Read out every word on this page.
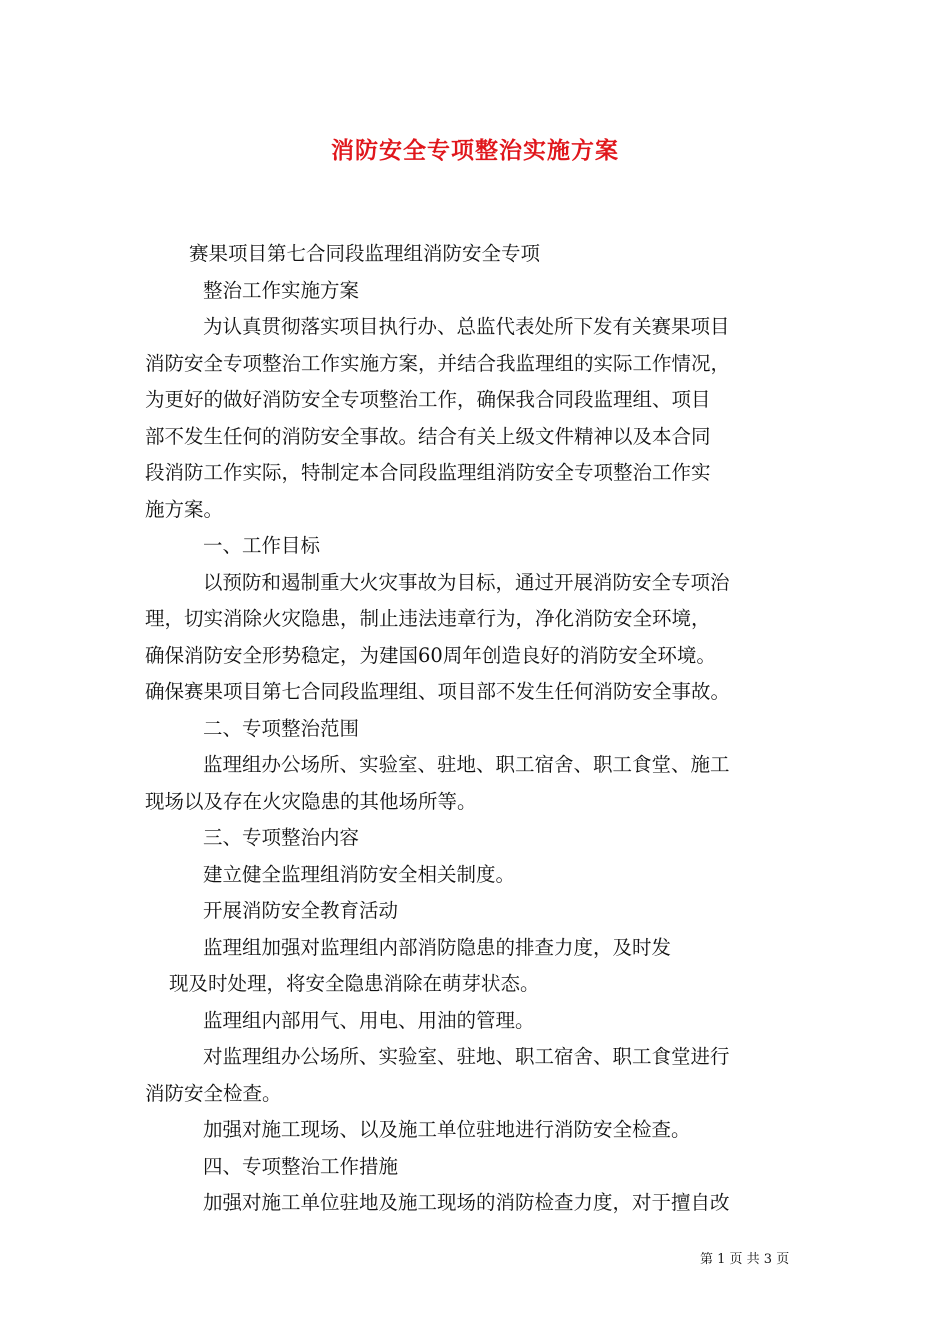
消防安全专项整治实施方案
赛果项目第七合同段监理组消防安全专项
整治工作实施方案
为认真贯彻落实项目执行办、总监代表处所下发有关赛果项目
消防安全专项整治工作实施方案，并结合我监理组的实际工作情况，
为更好的做好消防安全专项整治工作，确保我合同段监理组、项目
部不发生任何的消防安全事故。结合有关上级文件精神以及本合同
段消防工作实际，特制定本合同段监理组消防安全专项整治工作实
施方案。
一、工作目标
以预防和遏制重大火灾事故为目标，通过开展消防安全专项治
理，切实消除火灾隐患，制止违法违章行为，净化消防安全环境，
确保消防安全形势稳定，为建国60周年创造良好的消防安全环境。
确保赛果项目第七合同段监理组、项目部不发生任何消防安全事故。
二、专项整治范围
监理组办公场所、实验室、驻地、职工宿舍、职工食堂、施工
现场以及存在火灾隐患的其他场所等。
三、专项整治内容
建立健全监理组消防安全相关制度。
开展消防安全教育活动
监理组加强对监理组内部消防隐患的排查力度，及时发
现及时处理，将安全隐患消除在萌芽状态。
监理组内部用气、用电、用油的管理。
对监理组办公场所、实验室、驻地、职工宿舍、职工食堂进行
消防安全检查。
加强对施工现场、以及施工单位驻地进行消防安全检查。
四、专项整治工作措施
加强对施工单位驻地及施工现场的消防检查力度，对于擅自改
第 1 页 共 3 页
